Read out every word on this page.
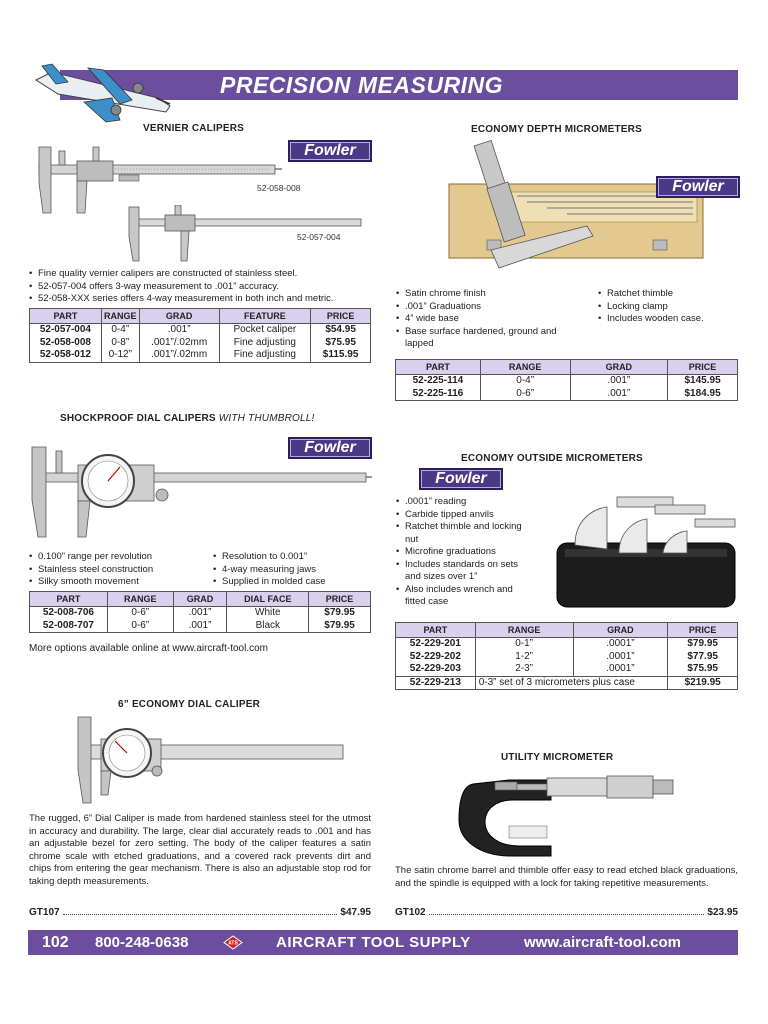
PRECISION MEASURING
VERNIER CALIPERS
Fowler
52-058-008
52-057-004
• Fine quality vernier calipers are constructed of stainless steel.
• 52-057-004 offers 3-way measurement to .001” accuracy.
• 52-058-XXX series offers 4-way measurement in both inch and metric.
PART	RANGE	GRAD	FEATURE	PRICE
52-057-004	0-4”	.001”	Pocket caliper	$54.95
52-058-008	0-8”	.001”/.02mm	Fine adjusting	$75.95
52-058-012	0-12”	.001”/.02mm	Fine adjusting	$115.95
SHOCKPROOF DIAL CALIPERS WITH THUMBROLL!
Fowler
• 0.100” range per revolution
• Stainless steel construction
• Silky smooth movement
• Resolution to 0.001”
• 4-way measuring jaws
• Supplied in molded case
PART	RANGE	GRAD	DIAL FACE	PRICE
52-008-706	0-6”	.001”	White	$79.95
52-008-707	0-6”	.001”	Black	$79.95
More options available online at www.aircraft-tool.com
6” ECONOMY DIAL CALIPER
The rugged, 6” Dial Caliper is made from hardened stainless steel for the utmost in accuracy and durability. The large, clear dial accurately reads to .001 and has an adjustable bezel for zero setting. The body of the caliper features a satin chrome scale with etched graduations, and a covered rack prevents dirt and chips from entering the gear mechanism. There is also an adjustable stop rod for taking depth measurements.
GT107	$47.95
ECONOMY DEPTH MICROMETERS
Fowler
• Satin chrome finish
• .001” Graduations
• 4” wide base
• Base surface hardened, ground and lapped
• Ratchet thimble
• Locking clamp
• Includes wooden case.
PART	RANGE	GRAD	PRICE
52-225-114	0-4”	.001”	$145.95
52-225-116	0-6”	.001”	$184.95
ECONOMY OUTSIDE MICROMETERS
Fowler
• .0001” reading
• Carbide tipped anvils
• Ratchet thimble and locking nut
• Microfine graduations
• Includes standards on sets and sizes over 1”
• Also includes wrench and fitted case
PART	RANGE	GRAD	PRICE
52-229-201	0-1”	.0001”	$79.95
52-229-202	1-2”	.0001”	$77.95
52-229-203	2-3”	.0001”	$75.95
52-229-213	0-3” set of 3 micrometers plus case		$219.95
UTILITY MICROMETER
The satin chrome barrel and thimble offer easy to read etched black graduations, and the spindle is equipped with a lock for taking repetitive measurements.
GT102	$23.95
102 800-248-0638	ATS	AIRCRAFT TOOL SUPPLY	www.aircraft-tool.com
